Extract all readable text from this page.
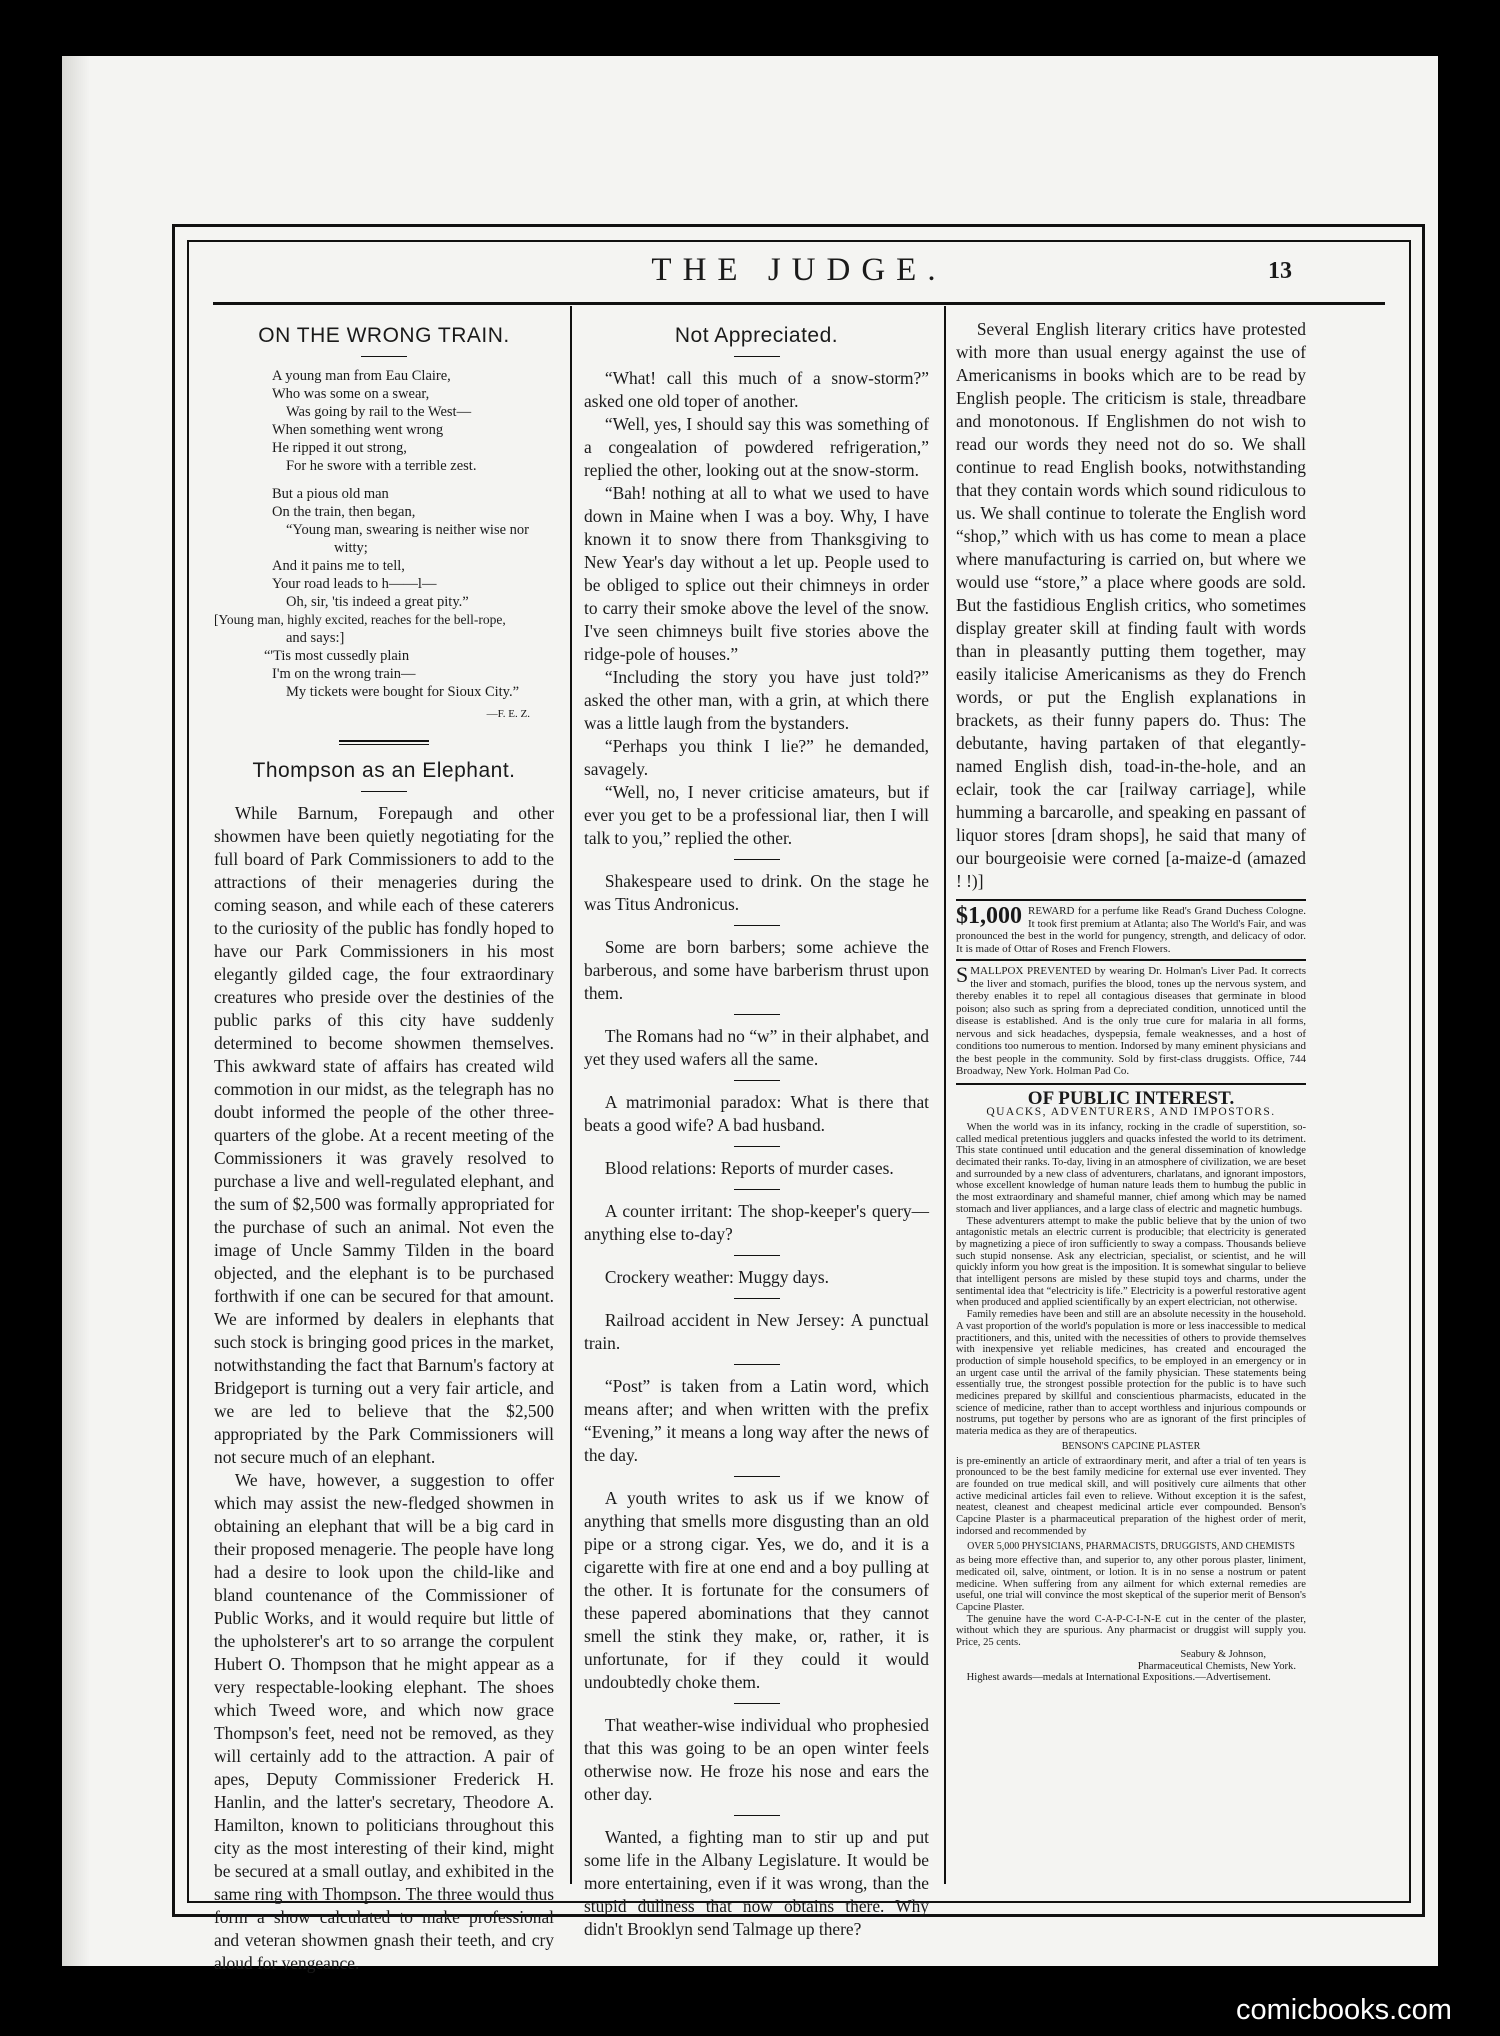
THE JUDGE.	13
ON THE WRONG TRAIN.
A young man from Eau Claire,
Who was some on a swear,
Was going by rail to the West—
When something went wrong
He ripped it out strong,
For he swore with a terrible zest.
But a pious old man
On the train, then began,
“Young man, swearing is neither wise nor
witty;
And it pains me to tell,
Your road leads to h——l—
Oh, sir, 'tis indeed a great pity.”
[Young man, highly excited, reaches for the bell-rope,
and says:]
“'Tis most cussedly plain
I'm on the wrong train—
My tickets were bought for Sioux City.”
—F. E. Z.
Thompson as an Elephant.

While Barnum, Forepaugh and other showmen have been quietly negotiating for the full board of Park Commissioners to add to the attractions of their menageries during the coming season, and while each of these caterers to the curiosity of the public has fondly hoped to have our Park Commissioners in his most elegantly gilded cage, the four extraordinary creatures who preside over the destinies of the public parks of this city have suddenly determined to become showmen themselves. This awkward state of affairs has created wild commotion in our midst, as the telegraph has no doubt informed the people of the other three-quarters of the globe. At a recent meeting of the Commissioners it was gravely resolved to purchase a live and well-regulated elephant, and the sum of $2,500 was formally appropriated for the purchase of such an animal. Not even the image of Uncle Sammy Tilden in the board objected, and the elephant is to be purchased forthwith if one can be secured for that amount. We are informed by dealers in elephants that such stock is bringing good prices in the market, notwithstanding the fact that Barnum's factory at Bridgeport is turning out a very fair article, and we are led to believe that the $2,500 appropriated by the Park Commissioners will not secure much of an elephant.

We have, however, a suggestion to offer which may assist the new-fledged showmen in obtaining an elephant that will be a big card in their proposed menagerie. The people have long had a desire to look upon the child-like and bland countenance of the Commissioner of Public Works, and it would require but little of the upholsterer's art to so arrange the corpulent Hubert O. Thompson that he might appear as a very respectable-looking elephant. The shoes which Tweed wore, and which now grace Thompson's feet, need not be removed, as they will certainly add to the attraction. A pair of apes, Deputy Commissioner Frederick H. Hanlin, and the latter's secretary, Theodore A. Hamilton, known to politicians throughout this city as the most interesting of their kind, might be secured at a small outlay, and exhibited in the same ring with Thompson. The three would thus form a show calculated to make professional and veteran showmen gnash their teeth, and cry aloud for vengeance.

Not Appreciated.

“What! call this much of a snow-storm?” asked one old toper of another.

“Well, yes, I should say this was something of a congealation of powdered refrigeration,” replied the other, looking out at the snow-storm.

“Bah! nothing at all to what we used to have down in Maine when I was a boy. Why, I have known it to snow there from Thanksgiving to New Year's day without a let up. People used to be obliged to splice out their chimneys in order to carry their smoke above the level of the snow. I've seen chimneys built five stories above the ridge-pole of houses.”

“Including the story you have just told?” asked the other man, with a grin, at which there was a little laugh from the bystanders.

“Perhaps you think I lie?” he demanded, savagely.

“Well, no, I never criticise amateurs, but if ever you get to be a professional liar, then I will talk to you,” replied the other.

Shakespeare used to drink. On the stage he was Titus Andronicus.

Some are born barbers; some achieve the barberous, and some have barberism thrust upon them.

The Romans had no “w” in their alphabet, and yet they used wafers all the same.

A matrimonial paradox: What is there that beats a good wife? A bad husband.

Blood relations: Reports of murder cases.

A counter irritant: The shop-keeper's query—anything else to-day?

Crockery weather: Muggy days.

Railroad accident in New Jersey: A punctual train.

“Post” is taken from a Latin word, which means after; and when written with the prefix “Evening,” it means a long way after the news of the day.

A youth writes to ask us if we know of anything that smells more disgusting than an old pipe or a strong cigar. Yes, we do, and it is a cigarette with fire at one end and a boy pulling at the other. It is fortunate for the consumers of these papered abominations that they cannot smell the stink they make, or, rather, it is unfortunate, for if they could it would undoubtedly choke them.

That weather-wise individual who prophesied that this was going to be an open winter feels otherwise now. He froze his nose and ears the other day.

Wanted, a fighting man to stir up and put some life in the Albany Legislature. It would be more entertaining, even if it was wrong, than the stupid dullness that now obtains there. Why didn't Brooklyn send Talmage up there?

Several English literary critics have protested with more than usual energy against the use of Americanisms in books which are to be read by English people. The criticism is stale, threadbare and monotonous. If Englishmen do not wish to read our words they need not do so. We shall continue to read English books, notwithstanding that they contain words which sound ridiculous to us. We shall continue to tolerate the English word “shop,” which with us has come to mean a place where manufacturing is carried on, but where we would use “store,” a place where goods are sold. But the fastidious English critics, who sometimes display greater skill at finding fault with words than in pleasantly putting them together, may easily italicise Americanisms as they do French words, or put the English explanations in brackets, as their funny papers do. Thus: The debutante, having partaken of that elegantly-named English dish, toad-in-the-hole, and an eclair, took the car [railway carriage], while humming a barcarolle, and speaking en passant of liquor stores [dram shops], he said that many of our bourgeoisie were corned [a-maize-d (amazed ! !)]

$1,000 REWARD for a perfume like Read's Grand Duchess Cologne. It took first premium at Atlanta; also The World's Fair, and was pronounced the best in the world for pungency, strength, and delicacy of odor. It is made of Ottar of Roses and French Flowers.
S MALLPOX PREVENTED by wearing Dr. Holman's Liver Pad. It corrects the liver and stomach, purifies the blood, tones up the nervous system, and thereby enables it to repel all contagious diseases that germinate in blood poison; also such as spring from a depreciated condition, unnoticed until the disease is established. And is the only true cure for malaria in all forms, nervous and sick headaches, dyspepsia, female weaknesses, and a host of conditions too numerous to mention. Indorsed by many eminent physicians and the best people in the community. Sold by first-class druggists. Office, 744 Broadway, New York. Holman Pad Co.
OF PUBLIC INTEREST.
QUACKS, ADVENTURERS, AND IMPOSTORS.

When the world was in its infancy, rocking in the cradle of superstition, so-called medical pretentious jugglers and quacks infested the world to its detriment. This state continued until education and the general dissemination of knowledge decimated their ranks. To-day, living in an atmosphere of civilization, we are beset and surrounded by a new class of adventurers, charlatans, and ignorant impostors, whose excellent knowledge of human nature leads them to humbug the public in the most extraordinary and shameful manner, chief among which may be named stomach and liver appliances, and a large class of electric and magnetic humbugs.

These adventurers attempt to make the public believe that by the union of two antagonistic metals an electric current is producible; that electricity is generated by magnetizing a piece of iron sufficiently to sway a compass. Thousands believe such stupid nonsense. Ask any electrician, specialist, or scientist, and he will quickly inform you how great is the imposition. It is somewhat singular to believe that intelligent persons are misled by these stupid toys and charms, under the sentimental idea that “electricity is life.” Electricity is a powerful restorative agent when produced and applied scientifically by an expert electrician, not otherwise.

Family remedies have been and still are an absolute necessity in the household. A vast proportion of the world's population is more or less inaccessible to medical practitioners, and this, united with the necessities of others to provide themselves with inexpensive yet reliable medicines, has created and encouraged the production of simple household specifics, to be employed in an emergency or in an urgent case until the arrival of the family physician. These statements being essentially true, the strongest possible protection for the public is to have such medicines prepared by skillful and conscientious pharmacists, educated in the science of medicine, rather than to accept worthless and injurious compounds or nostrums, put together by persons who are as ignorant of the first principles of materia medica as they are of therapeutics.

BENSON'S CAPCINE PLASTER

is pre-eminently an article of extraordinary merit, and after a trial of ten years is pronounced to be the best family medicine for external use ever invented. They are founded on true medical skill, and will positively cure ailments that other active medicinal articles fail even to relieve. Without exception it is the safest, neatest, cleanest and cheapest medicinal article ever compounded. Benson's Capcine Plaster is a pharmaceutical preparation of the highest order of merit, indorsed and recommended by

OVER 5,000 PHYSICIANS, PHARMACISTS, DRUGGISTS, AND CHEMISTS

as being more effective than, and superior to, any other porous plaster, liniment, medicated oil, salve, ointment, or lotion. It is in no sense a nostrum or patent medicine. When suffering from any ailment for which external remedies are useful, one trial will convince the most skeptical of the superior merit of Benson's Capcine Plaster.

The genuine have the word C-A-P-C-I-N-E cut in the center of the plaster, without which they are spurious. Any pharmacist or druggist will supply you. Price, 25 cents.

Seabury & Johnson,

Pharmaceutical Chemists, New York.

Highest awards—medals at International Expositions.—Advertisement.

comicbooks.com
